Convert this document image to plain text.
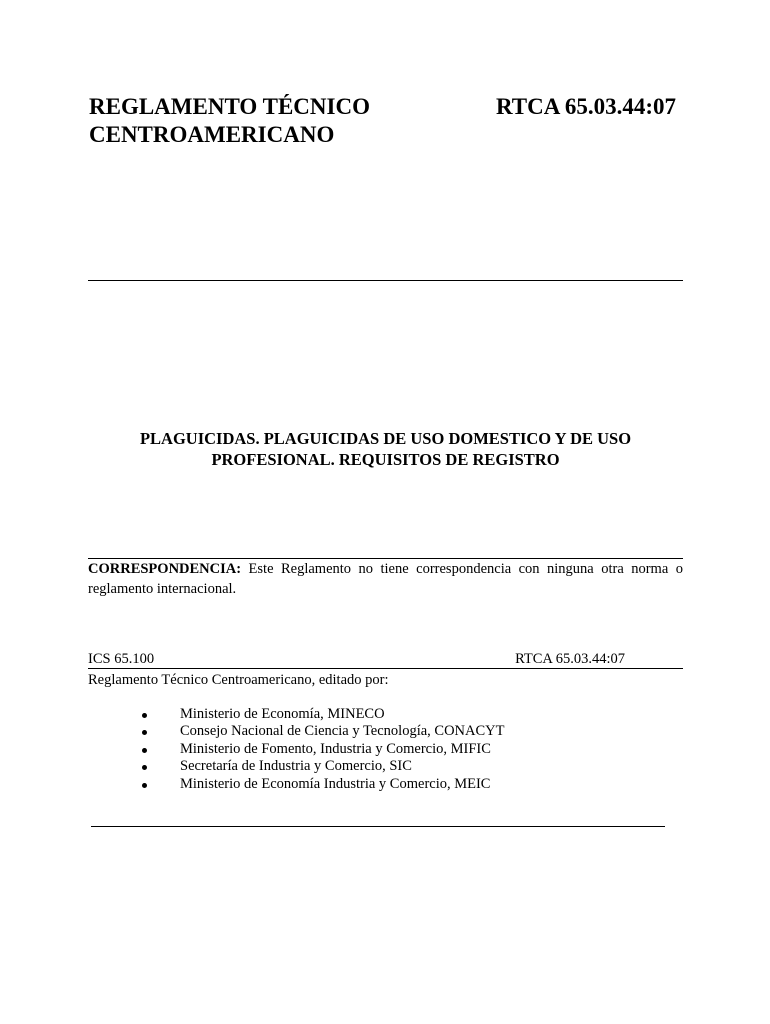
REGLAMENTO TÉCNICO
CENTROAMERICANO
RTCA 65.03.44:07
PLAGUICIDAS. PLAGUICIDAS DE USO DOMESTICO Y DE USO
PROFESIONAL. REQUISITOS DE REGISTRO

CORRESPONDENCIA: Este Reglamento no tiene correspondencia con ninguna otra norma o reglamento internacional.

ICS 65.100	RTCA 65.03.44:07
Reglamento Técnico Centroamericano, editado por:
Ministerio de Economía, MINECO
Consejo Nacional de Ciencia y Tecnología, CONACYT
Ministerio de Fomento, Industria y Comercio, MIFIC
Secretaría de Industria y Comercio, SIC
Ministerio de Economía Industria y Comercio, MEIC
